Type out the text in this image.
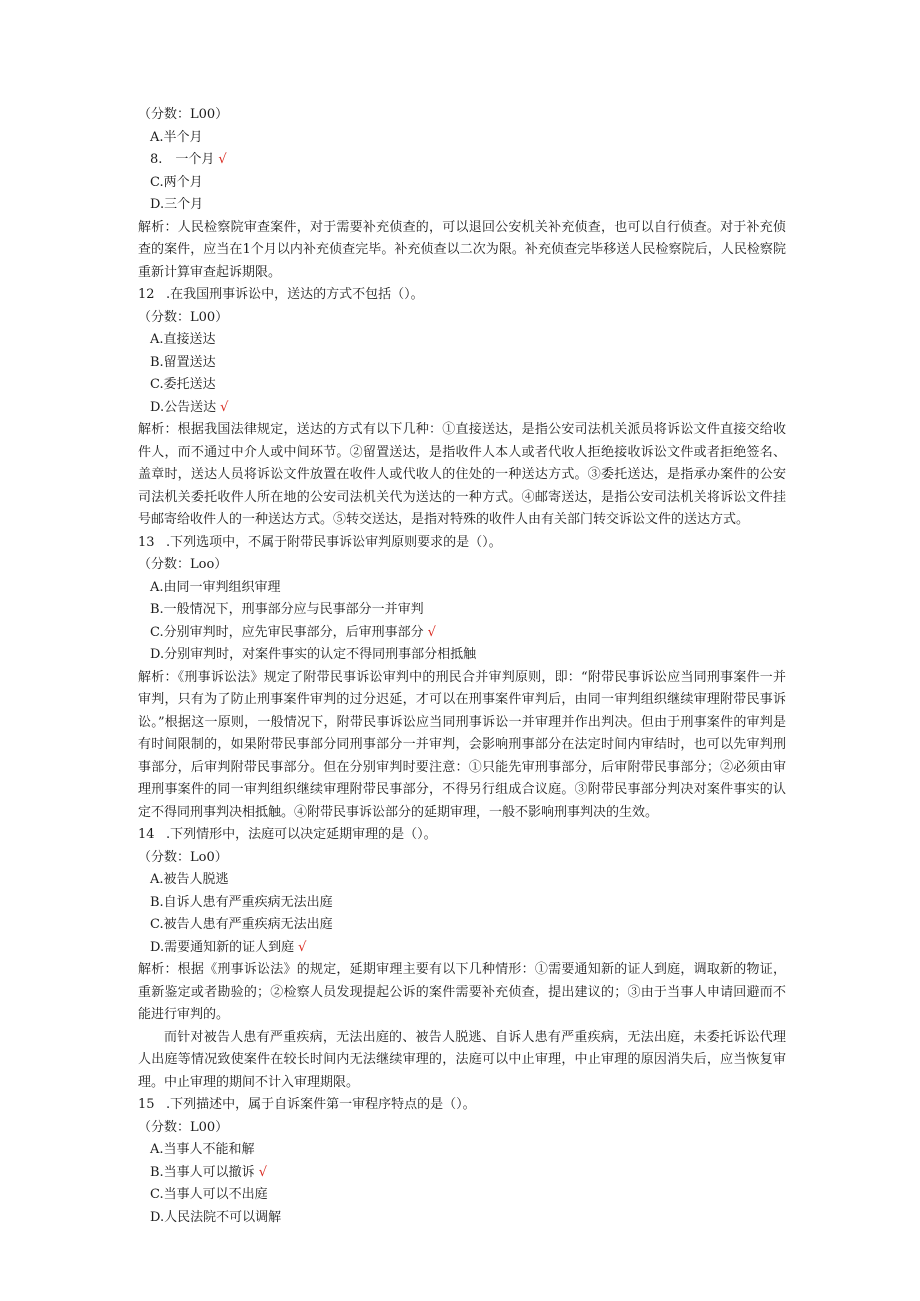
（分数：L00）
A.半个月
8.　一个月 √
C.两个月
D.三个月
解析：人民检察院审查案件，对于需要补充侦查的，可以退回公安机关补充侦查，也可以自行侦查。对于补充侦查的案件，应当在1个月以内补充侦查完毕。补充侦查以二次为限。补充侦查完毕移送人民检察院后，人民检察院重新计算审查起诉期限。
12 .在我国刑事诉讼中，送达的方式不包括（）。
（分数：L00）
A.直接送达
B.留置送达
C.委托送达
D.公告送达 √
解析：根据我国法律规定，送达的方式有以下几种：①直接送达，是指公安司法机关派员将诉讼文件直接交给收件人，而不通过中介人或中间环节。②留置送达，是指收件人本人或者代收人拒绝接收诉讼文件或者拒绝签名、盖章时，送达人员将诉讼文件放置在收件人或代收人的住处的一种送达方式。③委托送达，是指承办案件的公安司法机关委托收件人所在地的公安司法机关代为送达的一种方式。④邮寄送达，是指公安司法机关将诉讼文件挂号邮寄给收件人的一种送达方式。⑤转交送达，是指对特殊的收件人由有关部门转交诉讼文件的送达方式。
13 .下列选项中，不属于附带民事诉讼审判原则要求的是（）。
（分数：Loo）
A.由同一审判组织审理
B.一般情况下，刑事部分应与民事部分一并审判
C.分别审判时，应先审民事部分，后审刑事部分 √
D.分别审判时，对案件事实的认定不得同刑事部分相抵触
解析：《刑事诉讼法》规定了附带民事诉讼审判中的刑民合并审判原则，即：“附带民事诉讼应当同刑事案件一并审判，只有为了防止刑事案件审判的过分迟延，才可以在刑事案件审判后，由同一审判组织继续审理附带民事诉讼。”根据这一原则，一般情况下，附带民事诉讼应当同刑事诉讼一并审理并作出判决。但由于刑事案件的审判是有时间限制的，如果附带民事部分同刑事部分一并审判，会影响刑事部分在法定时间内审结时，也可以先审判刑事部分，后审判附带民事部分。但在分别审判时要注意：①只能先审刑事部分，后审附带民事部分；②必须由审理刑事案件的同一审判组织继续审理附带民事部分，不得另行组成合议庭。③附带民事部分判决对案件事实的认定不得同刑事判决相抵触。④附带民事诉讼部分的延期审理，一般不影响刑事判决的生效。
14 .下列情形中，法庭可以决定延期审理的是（）。
（分数：Lo0）
A.被告人脱逃
B.自诉人患有严重疾病无法出庭
C.被告人患有严重疾病无法出庭
D.需要通知新的证人到庭 √
解析：根据《刑事诉讼法》的规定，延期审理主要有以下几种情形：①需要通知新的证人到庭，调取新的物证，重新鉴定或者勘验的；②检察人员发现提起公诉的案件需要补充侦查，提出建议的；③由于当事人申请回避而不能进行审判的。
而针对被告人患有严重疾病，无法出庭的、被告人脱逃、自诉人患有严重疾病，无法出庭，未委托诉讼代理人出庭等情况致使案件在较长时间内无法继续审理的，法庭可以中止审理，中止审理的原因消失后，应当恢复审理。中止审理的期间不计入审理期限。
15 .下列描述中，属于自诉案件第一审程序特点的是（）。
（分数：L00）
A.当事人不能和解
B.当事人可以撤诉 √
C.当事人可以不出庭
D.人民法院不可以调解
